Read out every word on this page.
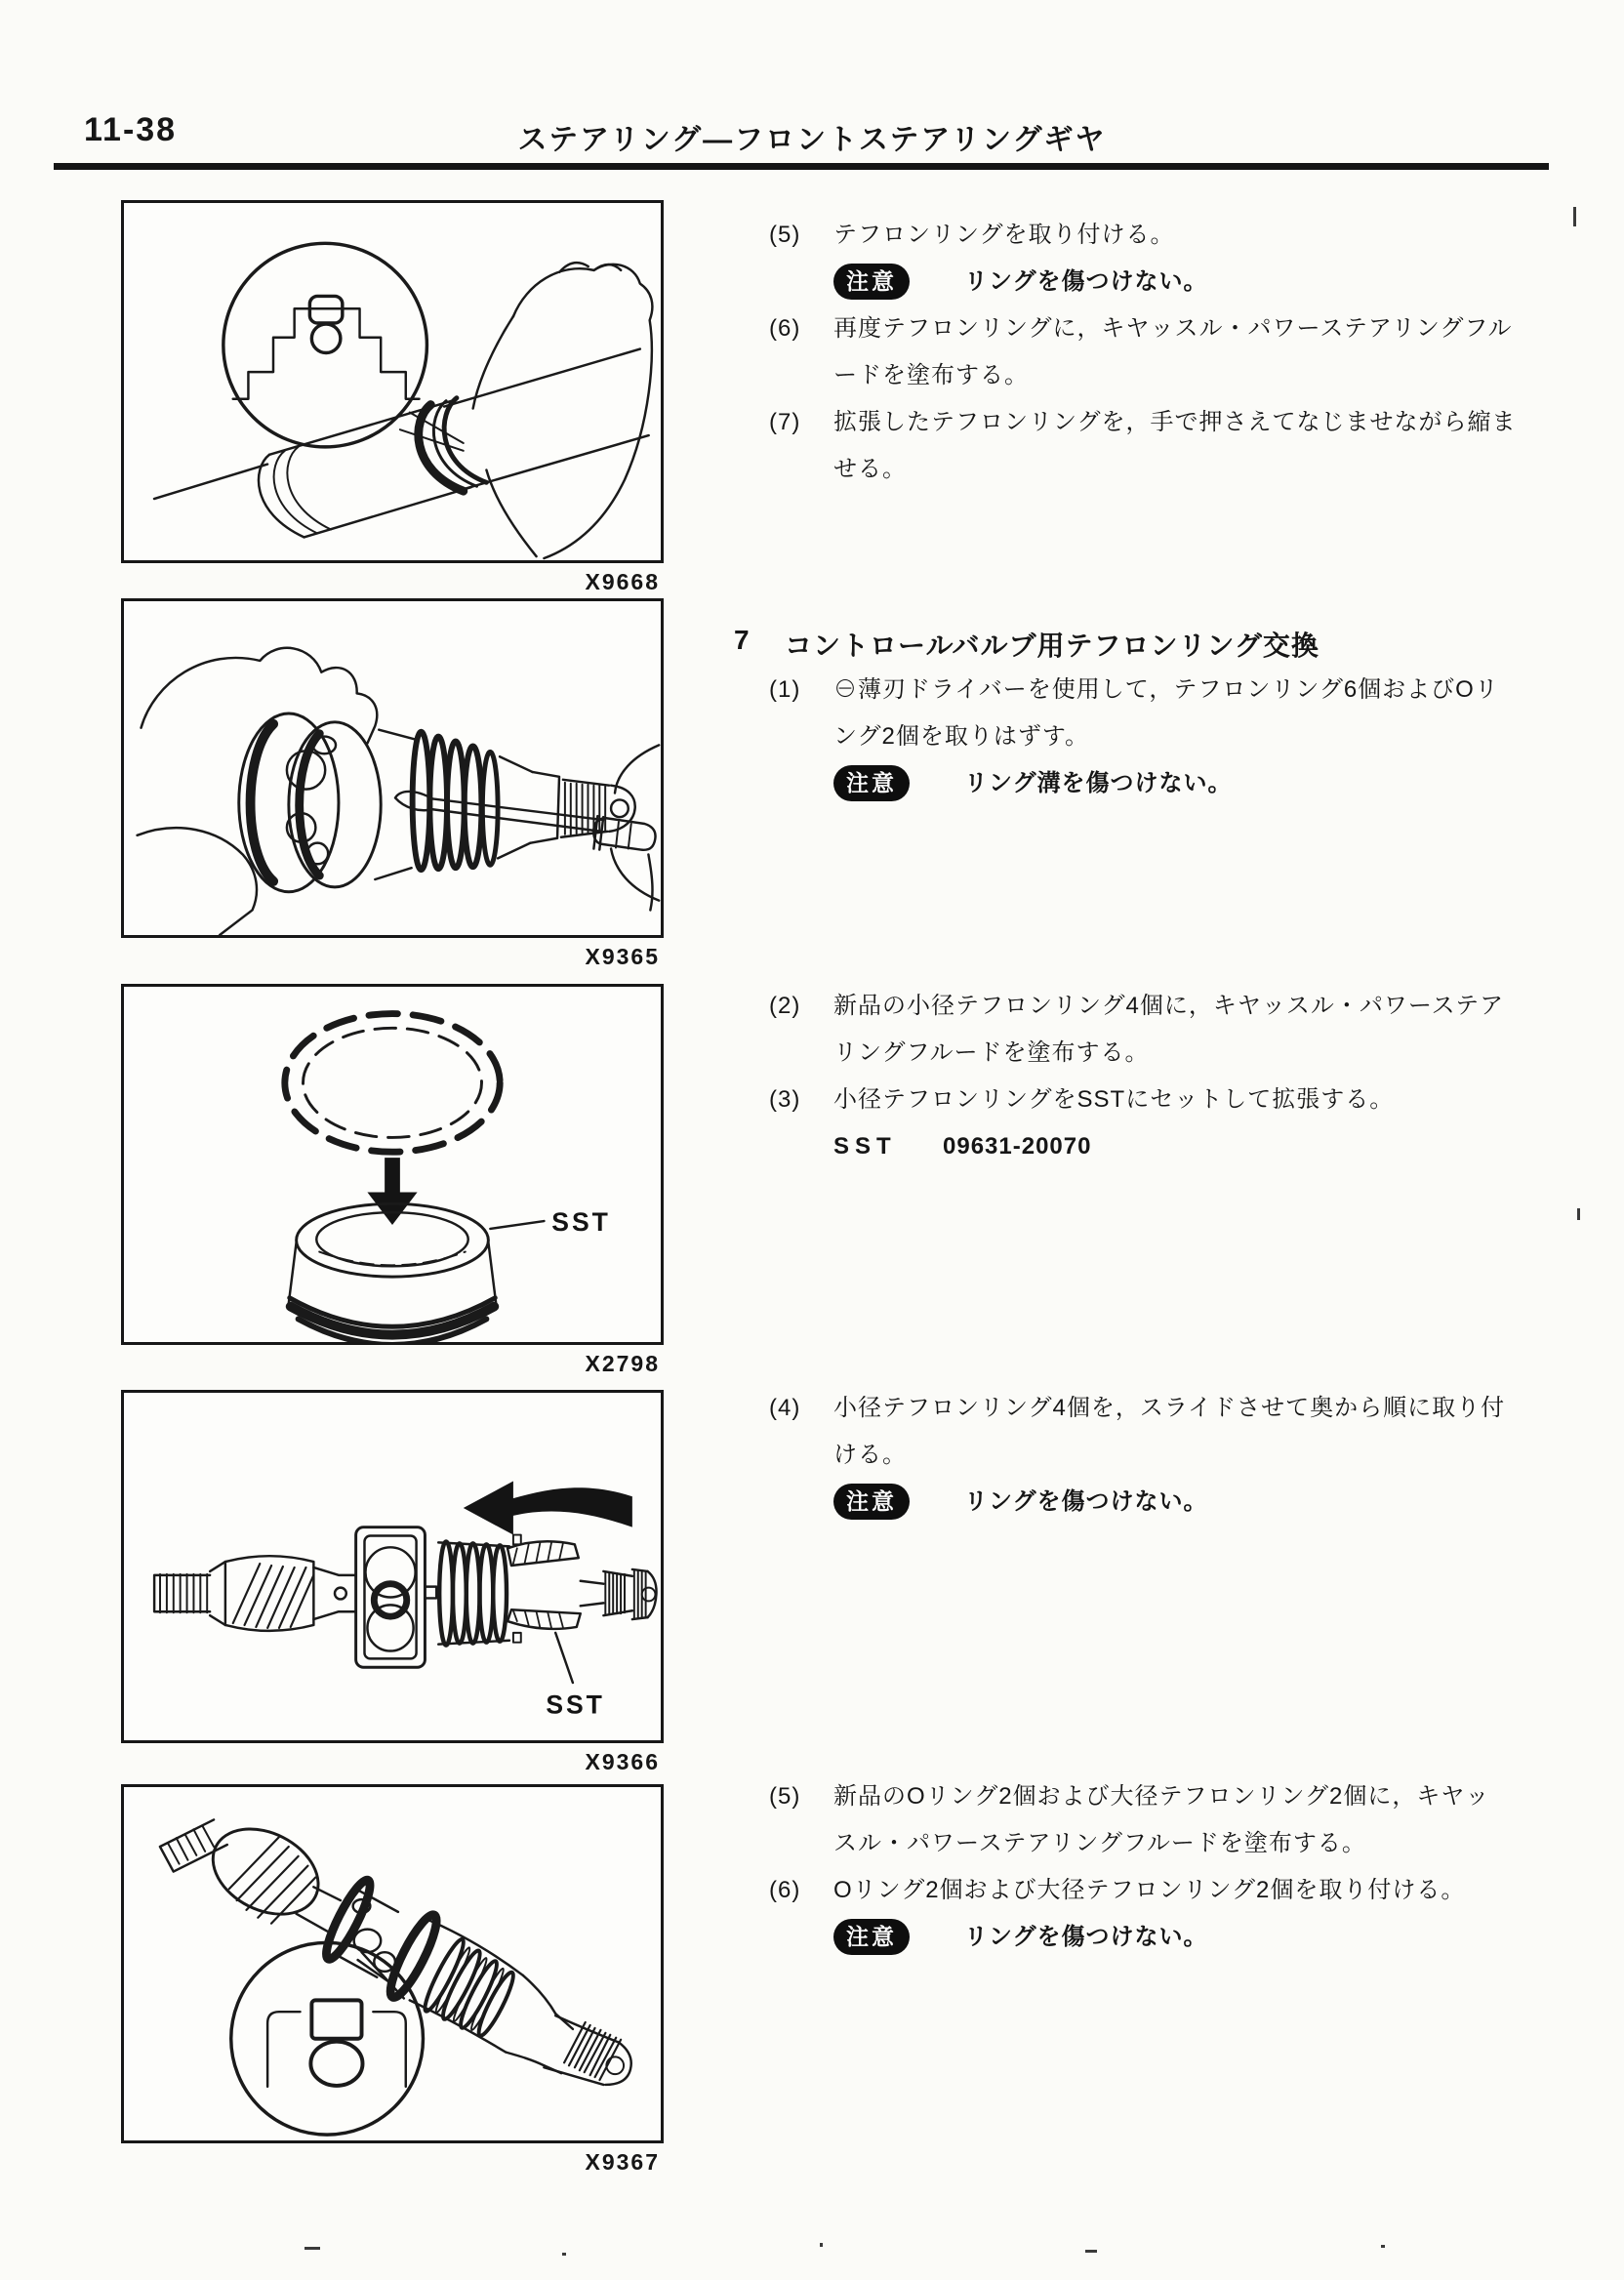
11-38	ステアリング―フロントステアリングギヤ
X9668
X9365
SST
X2798
SST
X9366
X9367
(5)	テフロンリングを取り付ける。
注意	リングを傷つけない。
(6)	再度テフロンリングに，キヤッスル・パワーステアリングフル
ードを塗布する。
(7)	拡張したテフロンリングを，手で押さえてなじませながら縮ま
せる。
7	コントロールバルブ用テフロンリング交換
(1)	⊖薄刃ドライバーを使用して，テフロンリング6個およびOリ
ング2個を取りはずす。
注意	リング溝を傷つけない。
(2)	新品の小径テフロンリング4個に，キヤッスル・パワーステア
リングフルードを塗布する。
(3)	小径テフロンリングをSSTにセットして拡張する。
SST	09631-20070
(4)	小径テフロンリング4個を，スライドさせて奥から順に取り付
ける。
注意	リングを傷つけない。
(5)	新品のOリング2個および大径テフロンリング2個に，キヤッ
スル・パワーステアリングフルードを塗布する。
(6)	Oリング2個および大径テフロンリング2個を取り付ける。
注意	リングを傷つけない。
